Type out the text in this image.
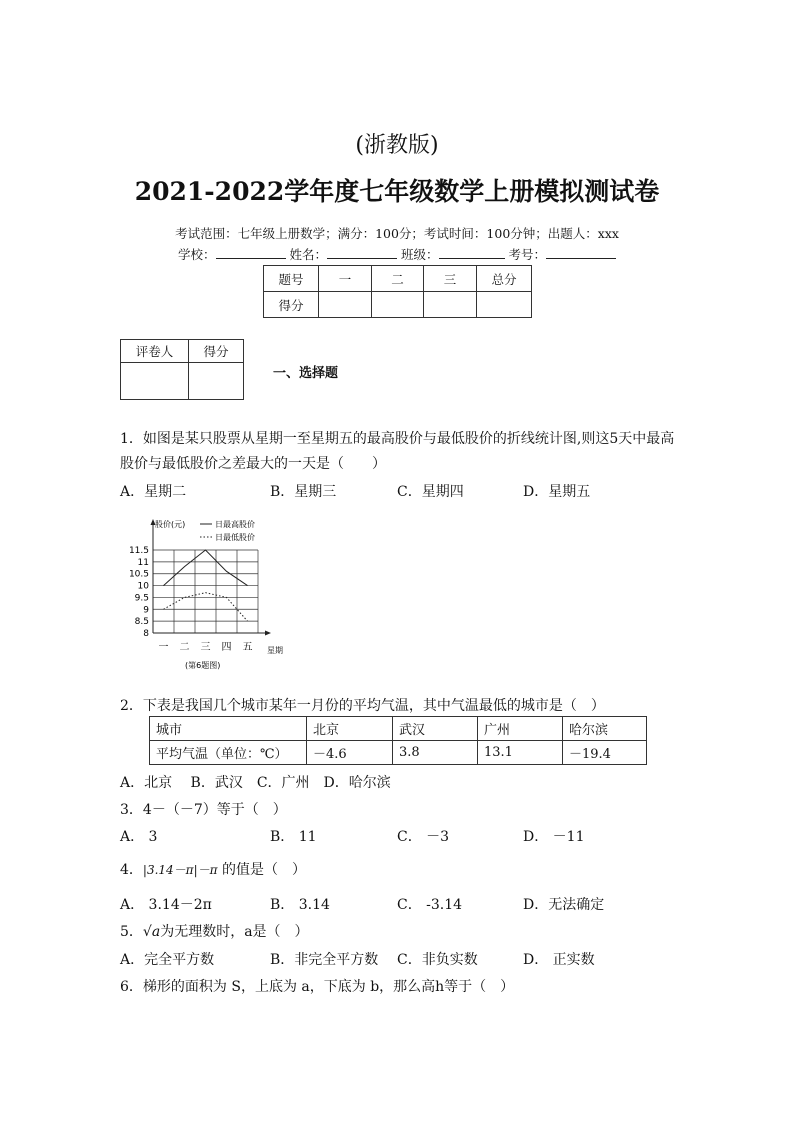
(浙教版)
2021-2022学年度七年级数学上册模拟测试卷
考试范围：七年级上册数学；满分：100分；考试时间：100分钟；出题人：xxx
学校：	姓名：	班级：	考号：
题号	一	二	三	总分
得分				
评卷人	得分

一、选择题
1．如图是某只股票从星期一至星期五的最高股价与最低股价的折线统计图,则这5天中最高
股价与最低股价之差最大的一天是（　　）
A．星期二	B．星期三	C．星期四	D．星期五
11.5
11
10.5
10
9.5
9
8.5
8
一 二 三 四 五
股价(元)	日最高股价
日最低股价
星期
(第6题图)
2．下表是我国几个城市某年一月份的平均气温，其中气温最低的城市是（　）
城市	北京	武汉	广州	哈尔滨
平均气温（单位：℃）	－4.6	3.8	13.1	－19.4
A．北京　 B．武汉　C．广州　D．哈尔滨
3．4－（－7）等于（　）
A． 3	B． 11	C． －3	D． －11
4．|3.14－π|－π 的值是（　）
A． 3.14－2π	B． 3.14	C． -3.14	D．无法确定
5．√a为无理数时，a是（　）
A．完全平方数	B．非完全平方数 C．非负实数	D． 正实数
6．梯形的面积为 S，上底为 a，下底为 b，那么高h等于（　）
